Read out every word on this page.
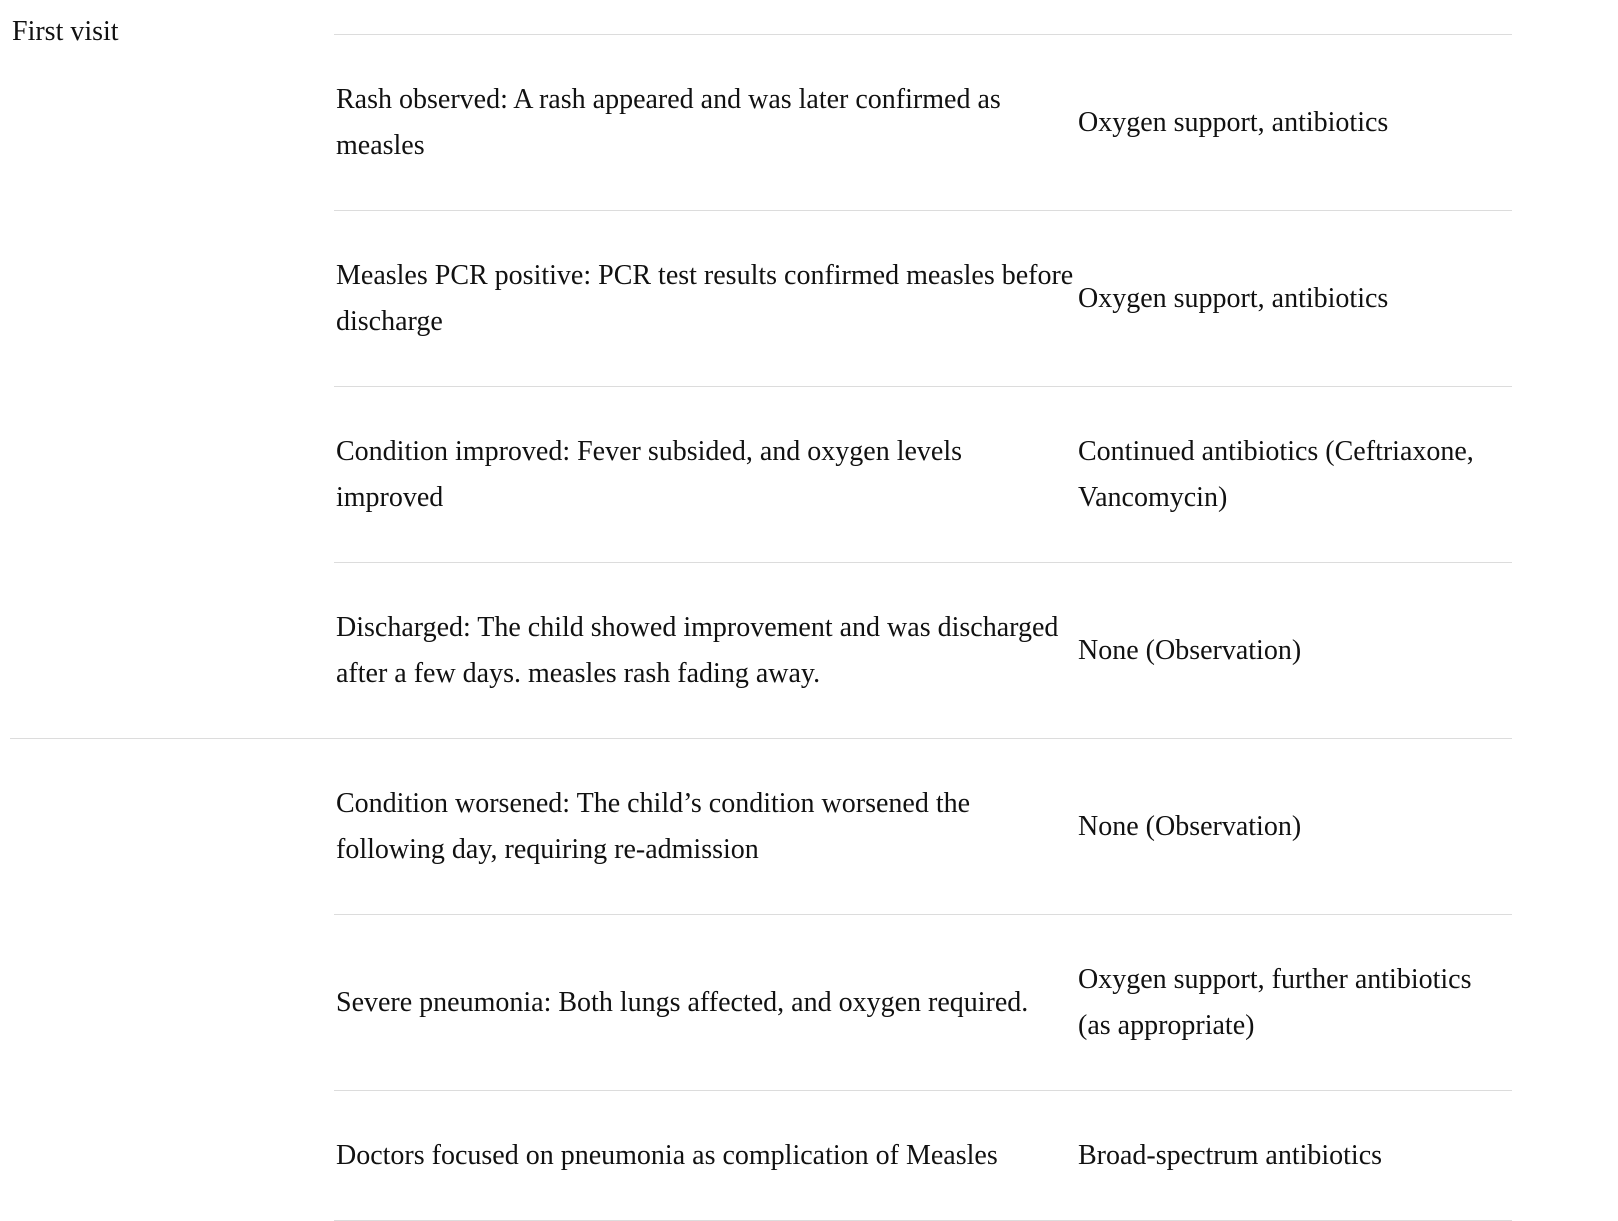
First visit
Rash observed: A rash appeared and was later confirmed as measles
Oxygen support, antibiotics
Measles PCR positive: PCR test results confirmed measles before discharge
Oxygen support, antibiotics
Condition improved: Fever subsided, and oxygen levels improved
Continued antibiotics (Ceftriaxone, Vancomycin)
Discharged: The child showed improvement and was discharged after a few days. measles rash fading away.
None (Observation)
Condition worsened: The child’s condition worsened the following day, requiring re-admission
None (Observation)
Severe pneumonia: Both lungs affected, and oxygen required.
Oxygen support, further antibiotics (as appropriate)
Doctors focused on pneumonia as complication of Measles	Broad-spectrum antibiotics
